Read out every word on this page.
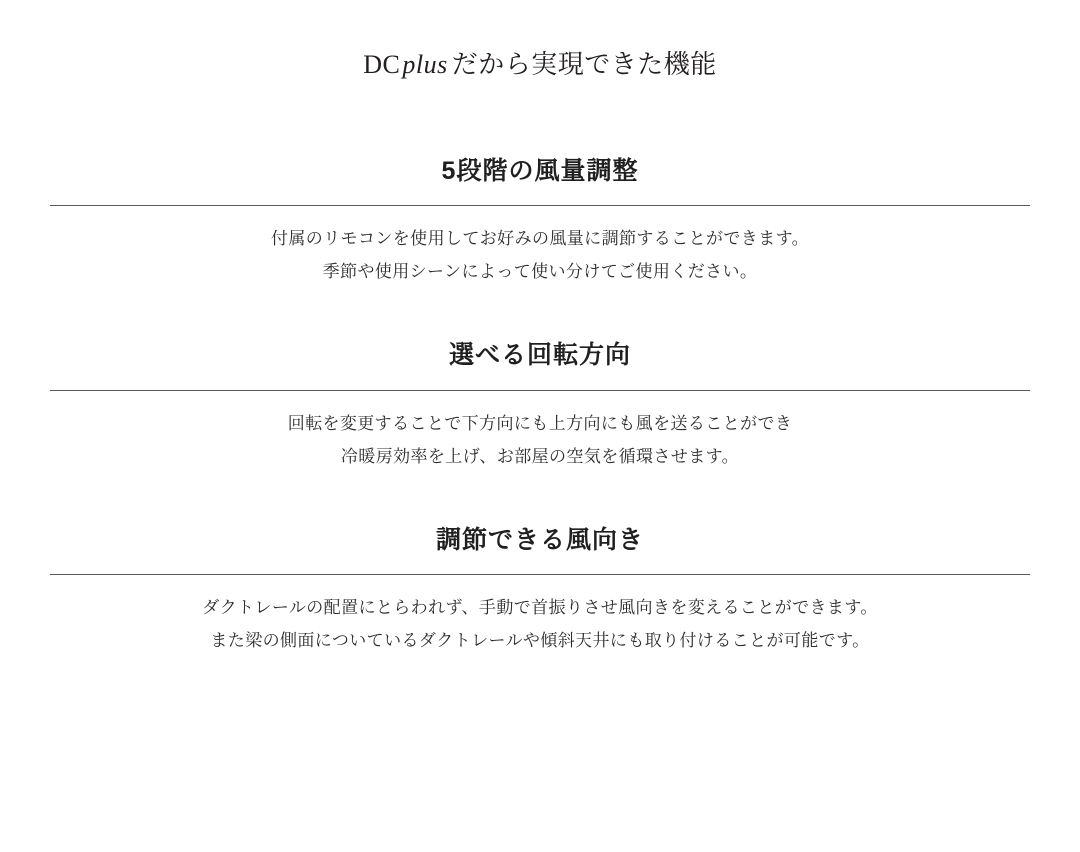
DCplus だから実現できた機能
5段階の風量調整
付属のリモコンを使用してお好みの風量に調節することができます。
季節や使用シーンによって使い分けてご使用ください。
選べる回転方向
回転を変更することで下方向にも上方向にも風を送ることができ
冷暖房効率を上げ、お部屋の空気を循環させます。
調節できる風向き
ダクトレールの配置にとらわれず、手動で首振りさせ風向きを変えることができます。
また梁の側面についているダクトレールや傾斜天井にも取り付けることが可能です。
